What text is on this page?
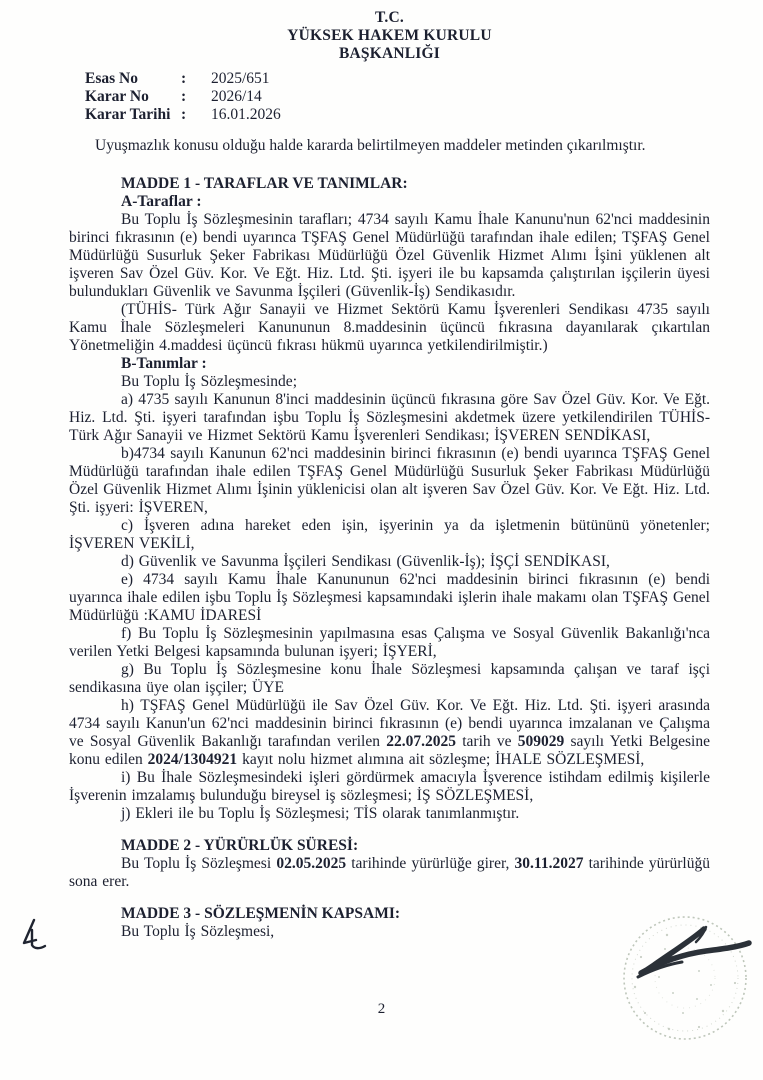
T.C.
YÜKSEK HAKEM KURULU
BAŞKANLIĞI
Esas No	:	2025/651
Karar No	:	2026/14
Karar Tarihi :	16.01.2026

Uyuşmazlık konusu olduğu halde kararda belirtilmeyen maddeler metinden çıkarılmıştır.

MADDE 1 - TARAFLAR VE TANIMLAR:
A-Taraflar :

Bu Toplu İş Sözleşmesinin tarafları; 4734 sayılı Kamu İhale Kanunu'nun 62'nci maddesinin birinci fıkrasının (e) bendi uyarınca TŞFAŞ Genel Müdürlüğü tarafından ihale edilen; TŞFAŞ Genel Müdürlüğü Susurluk Şeker Fabrikası Müdürlüğü Özel Güvenlik Hizmet Alımı İşini yüklenen alt işveren Sav Özel Güv. Kor. Ve Eğt. Hiz. Ltd. Şti. işyeri ile bu kapsamda çalıştırılan işçilerin üyesi bulundukları Güvenlik ve Savunma İşçileri (Güvenlik-İş) Sendikasıdır.

(TÜHİS- Türk Ağır Sanayii ve Hizmet Sektörü Kamu İşverenleri Sendikası 4735 sayılı Kamu İhale Sözleşmeleri Kanununun 8.maddesinin üçüncü fıkrasına dayanılarak çıkartılan Yönetmeliğin 4.maddesi üçüncü fıkrası hükmü uyarınca yetkilendirilmiştir.)

B-Tanımlar :

Bu Toplu İş Sözleşmesinde;

a) 4735 sayılı Kanunun 8'inci maddesinin üçüncü fıkrasına göre Sav Özel Güv. Kor. Ve Eğt. Hiz. Ltd. Şti. işyeri tarafından işbu Toplu İş Sözleşmesini akdetmek üzere yetkilendirilen TÜHİS- Türk Ağır Sanayii ve Hizmet Sektörü Kamu İşverenleri Sendikası; İŞVEREN SENDİKASI,

b)4734 sayılı Kanunun 62'nci maddesinin birinci fıkrasının (e) bendi uyarınca TŞFAŞ Genel Müdürlüğü tarafından ihale edilen TŞFAŞ Genel Müdürlüğü Susurluk Şeker Fabrikası Müdürlüğü Özel Güvenlik Hizmet Alımı İşinin yüklenicisi olan alt işveren Sav Özel Güv. Kor. Ve Eğt. Hiz. Ltd. Şti. işyeri: İŞVEREN,

c) İşveren adına hareket eden işin, işyerinin ya da işletmenin bütününü yönetenler; İŞVEREN VEKİLİ,

d) Güvenlik ve Savunma İşçileri Sendikası (Güvenlik-İş); İŞÇİ SENDİKASI,

e) 4734 sayılı Kamu İhale Kanununun 62'nci maddesinin birinci fıkrasının (e) bendi uyarınca ihale edilen işbu Toplu İş Sözleşmesi kapsamındaki işlerin ihale makamı olan TŞFAŞ Genel Müdürlüğü :KAMU İDARESİ

f) Bu Toplu İş Sözleşmesinin yapılmasına esas Çalışma ve Sosyal Güvenlik Bakanlığı'nca verilen Yetki Belgesi kapsamında bulunan işyeri; İŞYERİ,

g) Bu Toplu İş Sözleşmesine konu İhale Sözleşmesi kapsamında çalışan ve taraf işçi sendikasına üye olan işçiler; ÜYE

h) TŞFAŞ Genel Müdürlüğü ile Sav Özel Güv. Kor. Ve Eğt. Hiz. Ltd. Şti. işyeri arasında 4734 sayılı Kanun'un 62'nci maddesinin birinci fıkrasının (e) bendi uyarınca imzalanan ve Çalışma ve Sosyal Güvenlik Bakanlığı tarafından verilen 22.07.2025 tarih ve 509029 sayılı Yetki Belgesine konu edilen 2024/1304921 kayıt nolu hizmet alımına ait sözleşme; İHALE SÖZLEŞMESİ,

i) Bu İhale Sözleşmesindeki işleri gördürmek amacıyla İşverence istihdam edilmiş kişilerle İşverenin imzalamış bulunduğu bireysel iş sözleşmesi; İŞ SÖZLEŞMESİ,

j) Ekleri ile bu Toplu İş Sözleşmesi; TİS olarak tanımlanmıştır.

MADDE 2 - YÜRÜRLÜK SÜRESİ:

Bu Toplu İş Sözleşmesi 02.05.2025 tarihinde yürürlüğe girer, 30.11.2027 tarihinde yürürlüğü sona erer.

MADDE 3 - SÖZLEŞMENİN KAPSAMI:

Bu Toplu İş Sözleşmesi,

2
